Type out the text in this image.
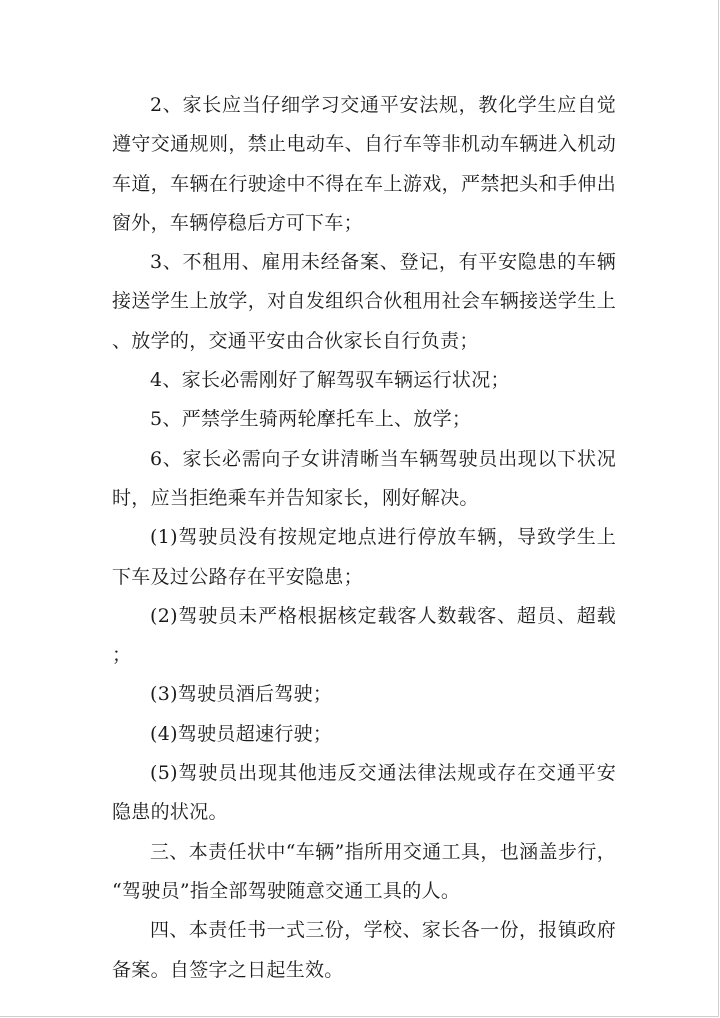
2、家长应当仔细学习交通平安法规，教化学生应自觉遵守交通规则，禁止电动车、自行车等非机动车辆进入机动车道，车辆在行驶途中不得在车上游戏，严禁把头和手伸出窗外，车辆停稳后方可下车；

3、不租用、雇用未经备案、登记，有平安隐患的车辆接送学生上放学，对自发组织合伙租用社会车辆接送学生上、放学的，交通平安由合伙家长自行负责；

4、家长必需刚好了解驾驭车辆运行状况；

5、严禁学生骑两轮摩托车上、放学；

6、家长必需向子女讲清晰当车辆驾驶员出现以下状况时，应当拒绝乘车并告知家长，刚好解决。

(1)驾驶员没有按规定地点进行停放车辆，导致学生上下车及过公路存在平安隐患；

(2)驾驶员未严格根据核定载客人数载客、超员、超载；

(3)驾驶员酒后驾驶；

(4)驾驶员超速行驶；

(5)驾驶员出现其他违反交通法律法规或存在交通平安隐患的状况。

三、本责任状中“车辆”指所用交通工具，也涵盖步行，“驾驶员”指全部驾驶随意交通工具的人。

四、本责任书一式三份，学校、家长各一份，报镇政府备案。自签字之日起生效。
